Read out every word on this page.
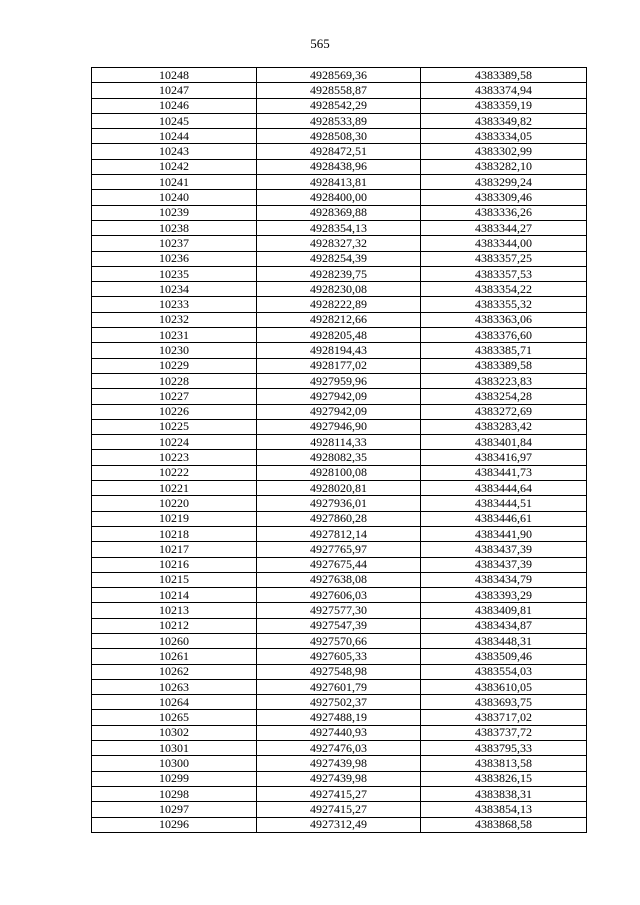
565
10248	4928569,36	4383389,58
10247	4928558,87	4383374,94
10246	4928542,29	4383359,19
10245	4928533,89	4383349,82
10244	4928508,30	4383334,05
10243	4928472,51	4383302,99
10242	4928438,96	4383282,10
10241	4928413,81	4383299,24
10240	4928400,00	4383309,46
10239	4928369,88	4383336,26
10238	4928354,13	4383344,27
10237	4928327,32	4383344,00
10236	4928254,39	4383357,25
10235	4928239,75	4383357,53
10234	4928230,08	4383354,22
10233	4928222,89	4383355,32
10232	4928212,66	4383363,06
10231	4928205,48	4383376,60
10230	4928194,43	4383385,71
10229	4928177,02	4383389,58
10228	4927959,96	4383223,83
10227	4927942,09	4383254,28
10226	4927942,09	4383272,69
10225	4927946,90	4383283,42
10224	4928114,33	4383401,84
10223	4928082,35	4383416,97
10222	4928100,08	4383441,73
10221	4928020,81	4383444,64
10220	4927936,01	4383444,51
10219	4927860,28	4383446,61
10218	4927812,14	4383441,90
10217	4927765,97	4383437,39
10216	4927675,44	4383437,39
10215	4927638,08	4383434,79
10214	4927606,03	4383393,29
10213	4927577,30	4383409,81
10212	4927547,39	4383434,87
10260	4927570,66	4383448,31
10261	4927605,33	4383509,46
10262	4927548,98	4383554,03
10263	4927601,79	4383610,05
10264	4927502,37	4383693,75
10265	4927488,19	4383717,02
10302	4927440,93	4383737,72
10301	4927476,03	4383795,33
10300	4927439,98	4383813,58
10299	4927439,98	4383826,15
10298	4927415,27	4383838,31
10297	4927415,27	4383854,13
10296	4927312,49	4383868,58
